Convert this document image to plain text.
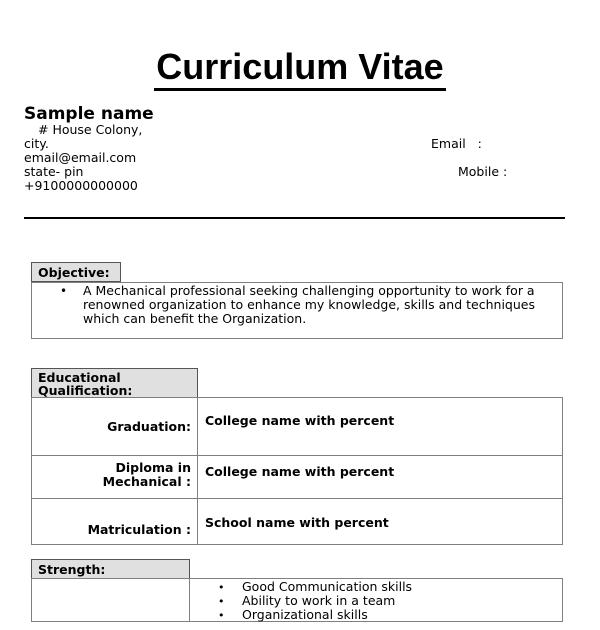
Curriculum Vitae
Sample name
# House Colony,
city.
email@email.com
state- pin
+9100000000000
Email   :
Mobile :
Objective:
• A Mechanical professional seeking challenging opportunity to work for a renowned organization to enhance my knowledge, skills and techniques which can benefit the Organization.
Educational Qualification:
Graduation: College name with percent
Diploma in Mechanical :
College name with percent
Matriculation : School name with percent
Strength:
• Good Communication skills
• Ability to work in a team
• Organizational skills
